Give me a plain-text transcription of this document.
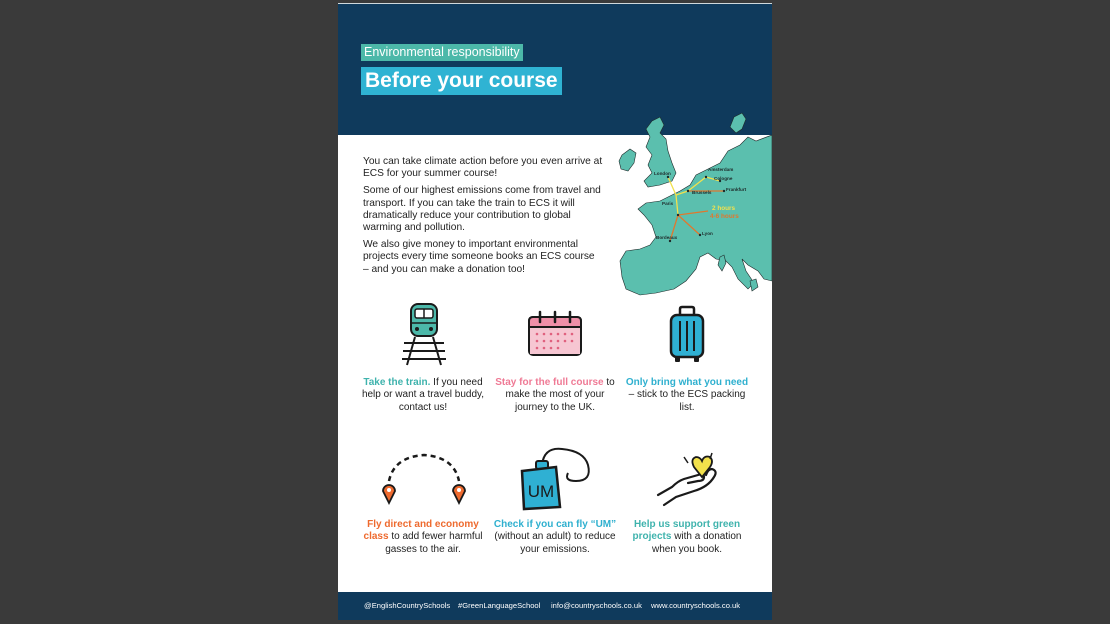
Environmental responsibility
Before your course

You can take climate action before you even arrive at ECS for your summer course!

Some of our highest emissions come from travel and transport. If you can take the train to ECS it will dramatically reduce your contribution to global warming and pollution.

We also give money to important environmental projects every time someone books an ECS course – and you can make a donation too!

London
Amsterdam
Cologne
Frankfurt
Brussels
Paris
Lyon
Bordeaux
2 hours
4-6 hours
Take the train. If you need help or want a travel buddy, contact us!
Stay for the full course to make the most of your journey to the UK.
Only bring what you need – stick to the ECS packing list.
UM
Fly direct and economy class to add fewer harmful gasses to the air.
Check if you can fly “UM” (without an adult) to reduce your emissions.
Help us support green projects with a donation when you book.
@EnglishCountrySchools #GreenLanguageSchool info@countryschools.co.uk www.countryschools.co.uk
